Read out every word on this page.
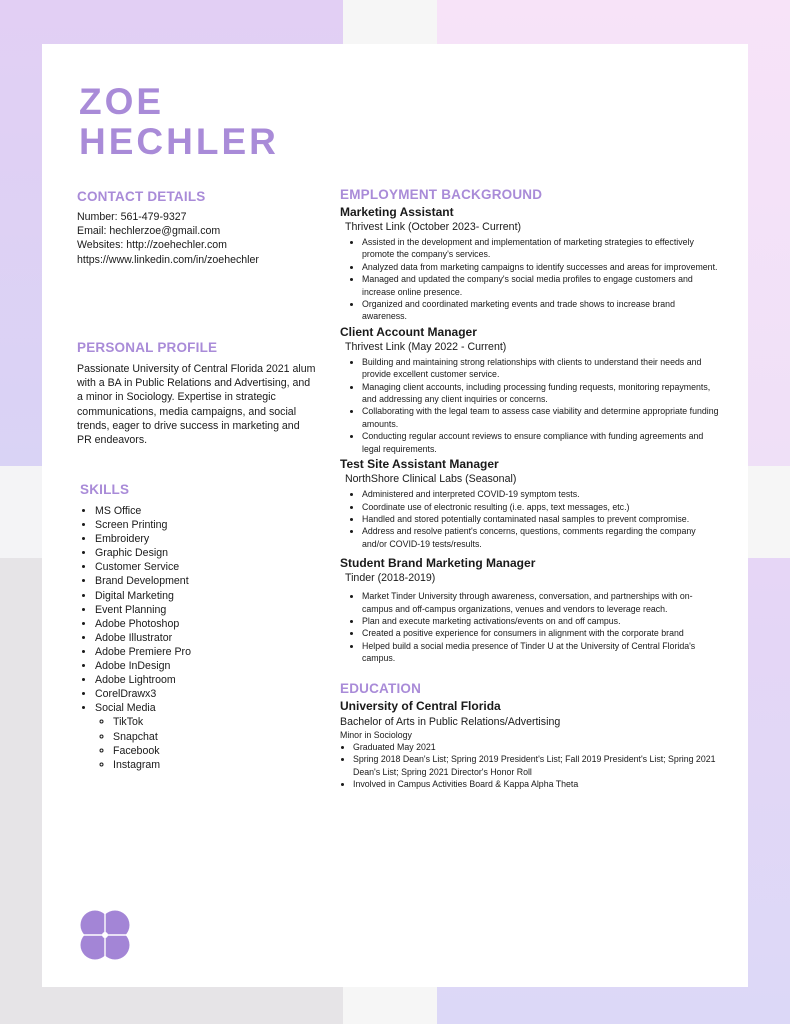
ZOE
HECHLER
CONTACT DETAILS

Number: 561-479-9327

Email: hechlerzoe@gmail.com

Websites: http://zoehechler.com

https://www.linkedin.com/in/zoehechler

PERSONAL PROFILE

Passionate University of Central Florida 2021 alum with a BA in Public Relations and Advertising, and a minor in Sociology. Expertise in strategic communications, media campaigns, and social trends, eager to drive success in marketing and PR endeavors.

SKILLS
• MS Office
• Screen Printing
• Embroidery
• Graphic Design
• Customer Service
• Brand Development
• Digital Marketing
• Event Planning
• Adobe Photoshop
• Adobe Illustrator
• Adobe Premiere Pro
• Adobe InDesign
• Adobe Lightroom
• CorelDrawx3
• Social Media
◦ TikTok
◦ Snapchat
◦ Facebook
◦ Instagram
EMPLOYMENT BACKGROUND

Marketing Assistant

Thrivest Link (October 2023- Current)

• Assisted in the development and implementation of marketing strategies to effectively promote the company's services.
• Analyzed data from marketing campaigns to identify successes and areas for improvement.
• Managed and updated the company's social media profiles to engage customers and increase online presence.
• Organized and coordinated marketing events and trade shows to increase brand awareness.

Client Account Manager

Thrivest Link (May 2022 - Current)

• Building and maintaining strong relationships with clients to understand their needs and provide excellent customer service.
• Managing client accounts, including processing funding requests, monitoring repayments, and addressing any client inquiries or concerns.
• Collaborating with the legal team to assess case viability and determine appropriate funding amounts.
• Conducting regular account reviews to ensure compliance with funding agreements and legal requirements.

Test Site Assistant Manager

NorthShore Clinical Labs (Seasonal)

• Administered and interpreted COVID-19 symptom tests.
• Coordinate use of electronic resulting (i.e. apps, text messages, etc.)
• Handled and stored potentially contaminated nasal samples to prevent compromise.
• Address and resolve patient's concerns, questions, comments regarding the company and/or COVID-19 tests/results.

Student Brand Marketing Manager

Tinder (2018-2019)

• Market Tinder University through awareness, conversation, and partnerships with on-campus and off-campus organizations, venues and vendors to leverage reach.
• Plan and execute marketing activations/events on and off campus.
• Created a positive experience for consumers in alignment with the corporate brand
• Helped build a social media presence of Tinder U at the University of Central Florida's campus.
EDUCATION

University of Central Florida

Bachelor of Arts in Public Relations/Advertising

Minor in Sociology

• Graduated May 2021
• Spring 2018 Dean's List; Spring 2019 President's List; Fall 2019 President's List; Spring 2021 Dean's List; Spring 2021 Director's Honor Roll
• Involved in Campus Activities Board & Kappa Alpha Theta
